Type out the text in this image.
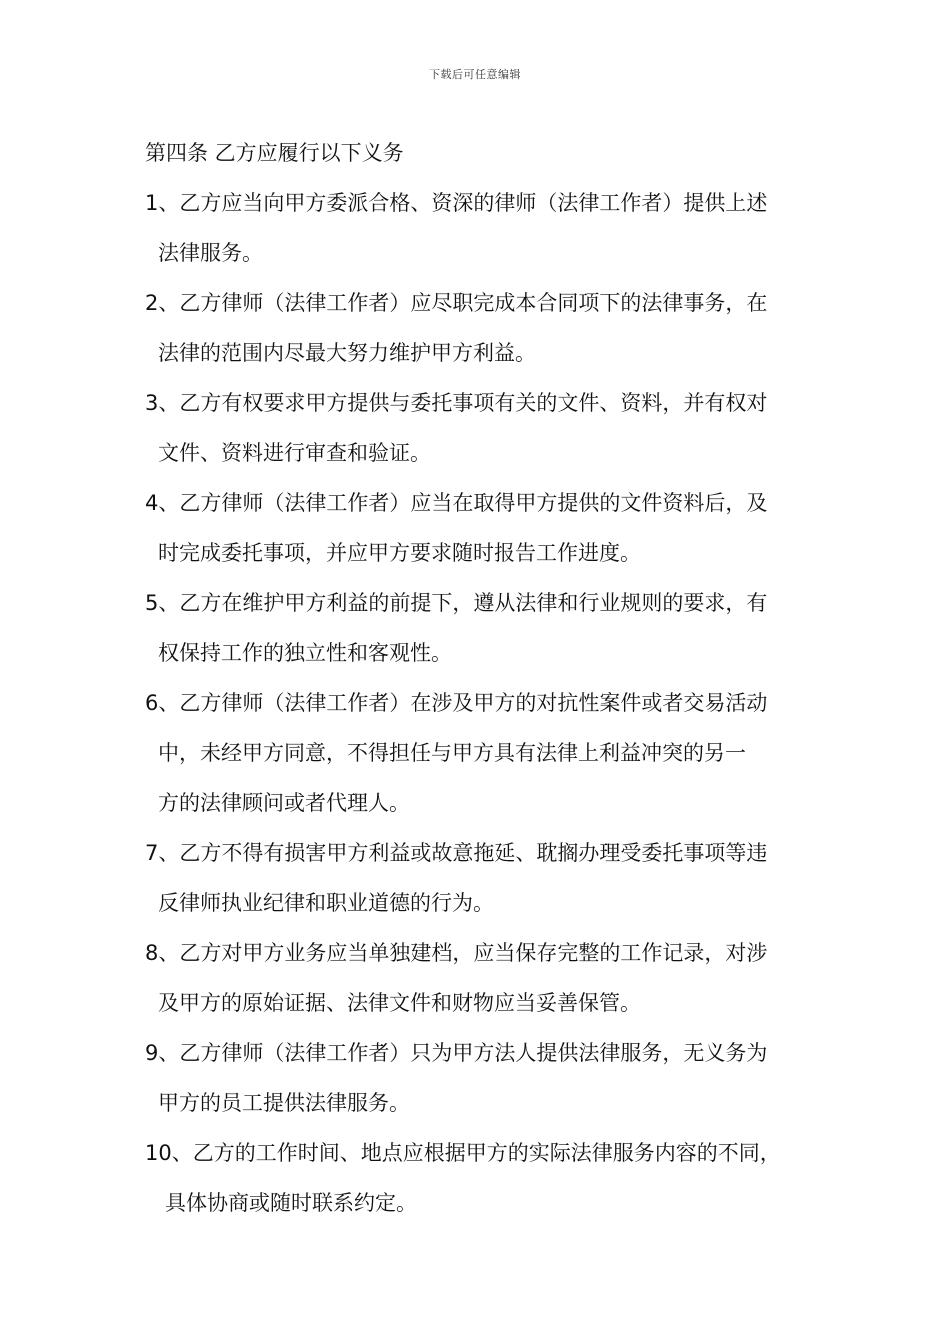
下载后可任意编辑
第四条 乙方应履行以下义务
1、 乙方应当向甲方委派合格、资深的律师（法律工作者）提供上述
法律服务。
2、 乙方律师（法律工作者）应尽职完成本合同项下的法律事务，在
法律的范围内尽最大努力维护甲方利益。
3、 乙方有权要求甲方提供与委托事项有关的文件、资料，并有权对
文件、资料进行审查和验证。
4、 乙方律师（法律工作者）应当在取得甲方提供的文件资料后，及
时完成委托事项，并应甲方要求随时报告工作进度。
5、 乙方在维护甲方利益的前提下，遵从法律和行业规则的要求，有
权保持工作的独立性和客观性。
6、 乙方律师（法律工作者）在涉及甲方的对抗性案件或者交易活动
中，未经甲方同意，不得担任与甲方具有法律上利益冲突的另一
方的法律顾问或者代理人。
7、 乙方不得有损害甲方利益或故意拖延、耽搁办理受委托事项等违
反律师执业纪律和职业道德的行为。
8、 乙方对甲方业务应当单独建档，应当保存完整的工作记录，对涉
及甲方的原始证据、法律文件和财物应当妥善保管。
9、 乙方律师（法律工作者）只为甲方法人提供法律服务，无义务为
甲方的员工提供法律服务。
10、 乙方的工作时间、地点应根据甲方的实际法律服务内容的不同，
具体协商或随时联系约定。
